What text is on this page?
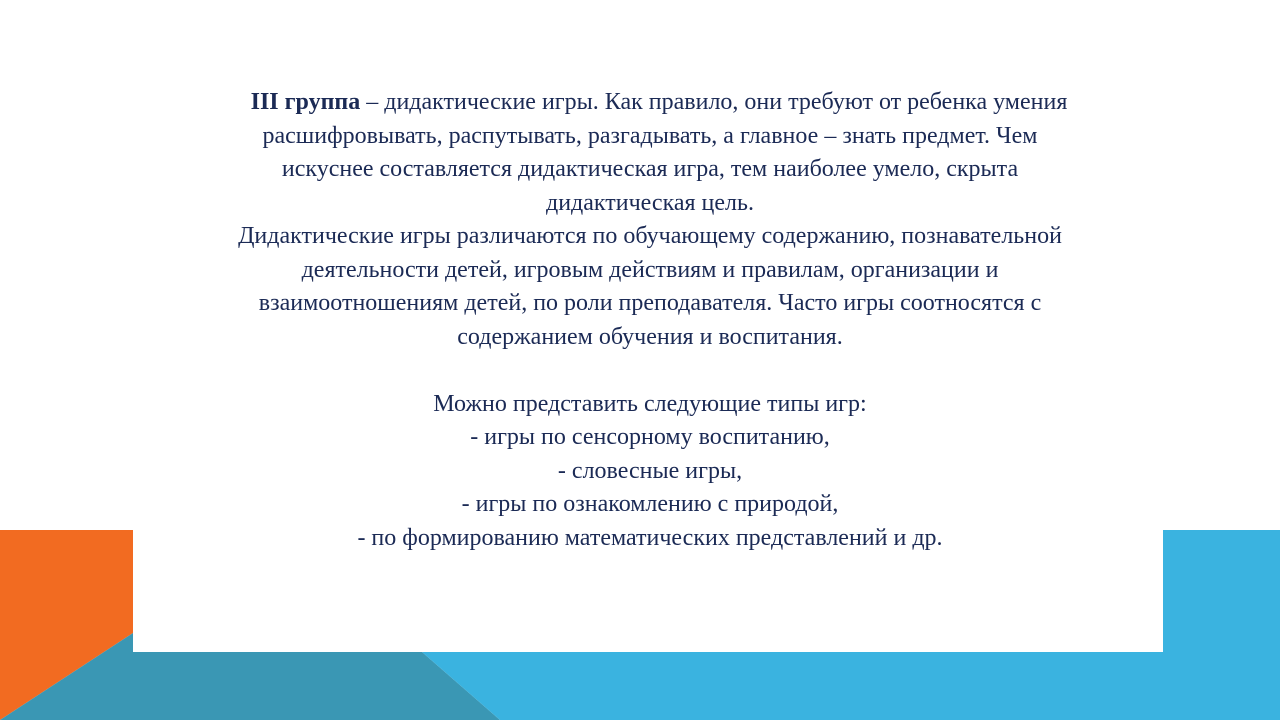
III группа – дидактические игры. Как правило, они требуют от ребенка умения
расшифровывать, распутывать, разгадывать, а главное – знать предмет. Чем
искуснее составляется дидактическая игра, тем наиболее умело, скрыта
дидактическая цель.

Дидактические игры различаются по обучающему содержанию, познавательной
деятельности детей, игровым действиям и правилам, организации и
взаимоотношениям детей, по роли преподавателя. Часто игры соотносятся с
содержанием обучения и воспитания.

Можно представить следующие типы игр:
- игры по сенсорному воспитанию,
- словесные игры,
- игры по ознакомлению с природой,
- по формированию математических представлений и др.
